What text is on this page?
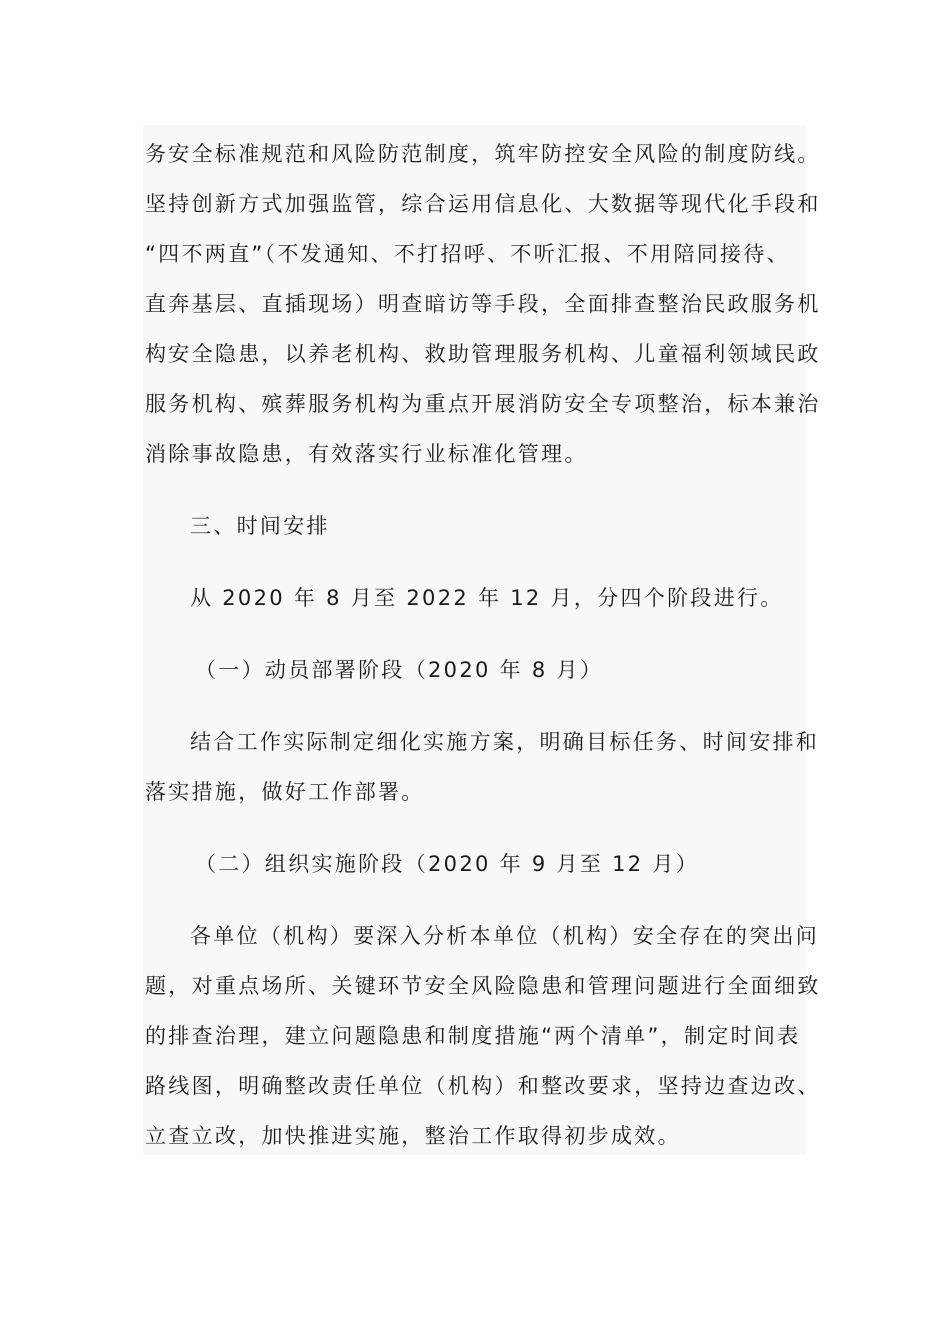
务安全标准规范和风险防范制度，筑牢防控安全风险的制度防线。
坚持创新方式加强监管，综合运用信息化、大数据等现代化手段和
“四不两直”（不发通知、不打招呼、不听汇报、不用陪同接待、
直奔基层、直插现场）明查暗访等手段，全面排查整治民政服务机
构安全隐患，以养老机构、救助管理服务机构、儿童福利领域民政
服务机构、殡葬服务机构为重点开展消防安全专项整治，标本兼治
消除事故隐患，有效落实行业标准化管理。
三、时间安排
从 2020 年 8 月至 2022 年 12 月，分四个阶段进行。
（一）动员部署阶段（2020 年 8 月）
结合工作实际制定细化实施方案，明确目标任务、时间安排和
落实措施，做好工作部署。
（二）组织实施阶段（2020 年 9 月至 12 月）
各单位（机构）要深入分析本单位（机构）安全存在的突出问
题，对重点场所、关键环节安全风险隐患和管理问题进行全面细致
的排查治理，建立问题隐患和制度措施“两个清单”，制定时间表
路线图，明确整改责任单位（机构）和整改要求，坚持边查边改、
立查立改，加快推进实施，整治工作取得初步成效。
